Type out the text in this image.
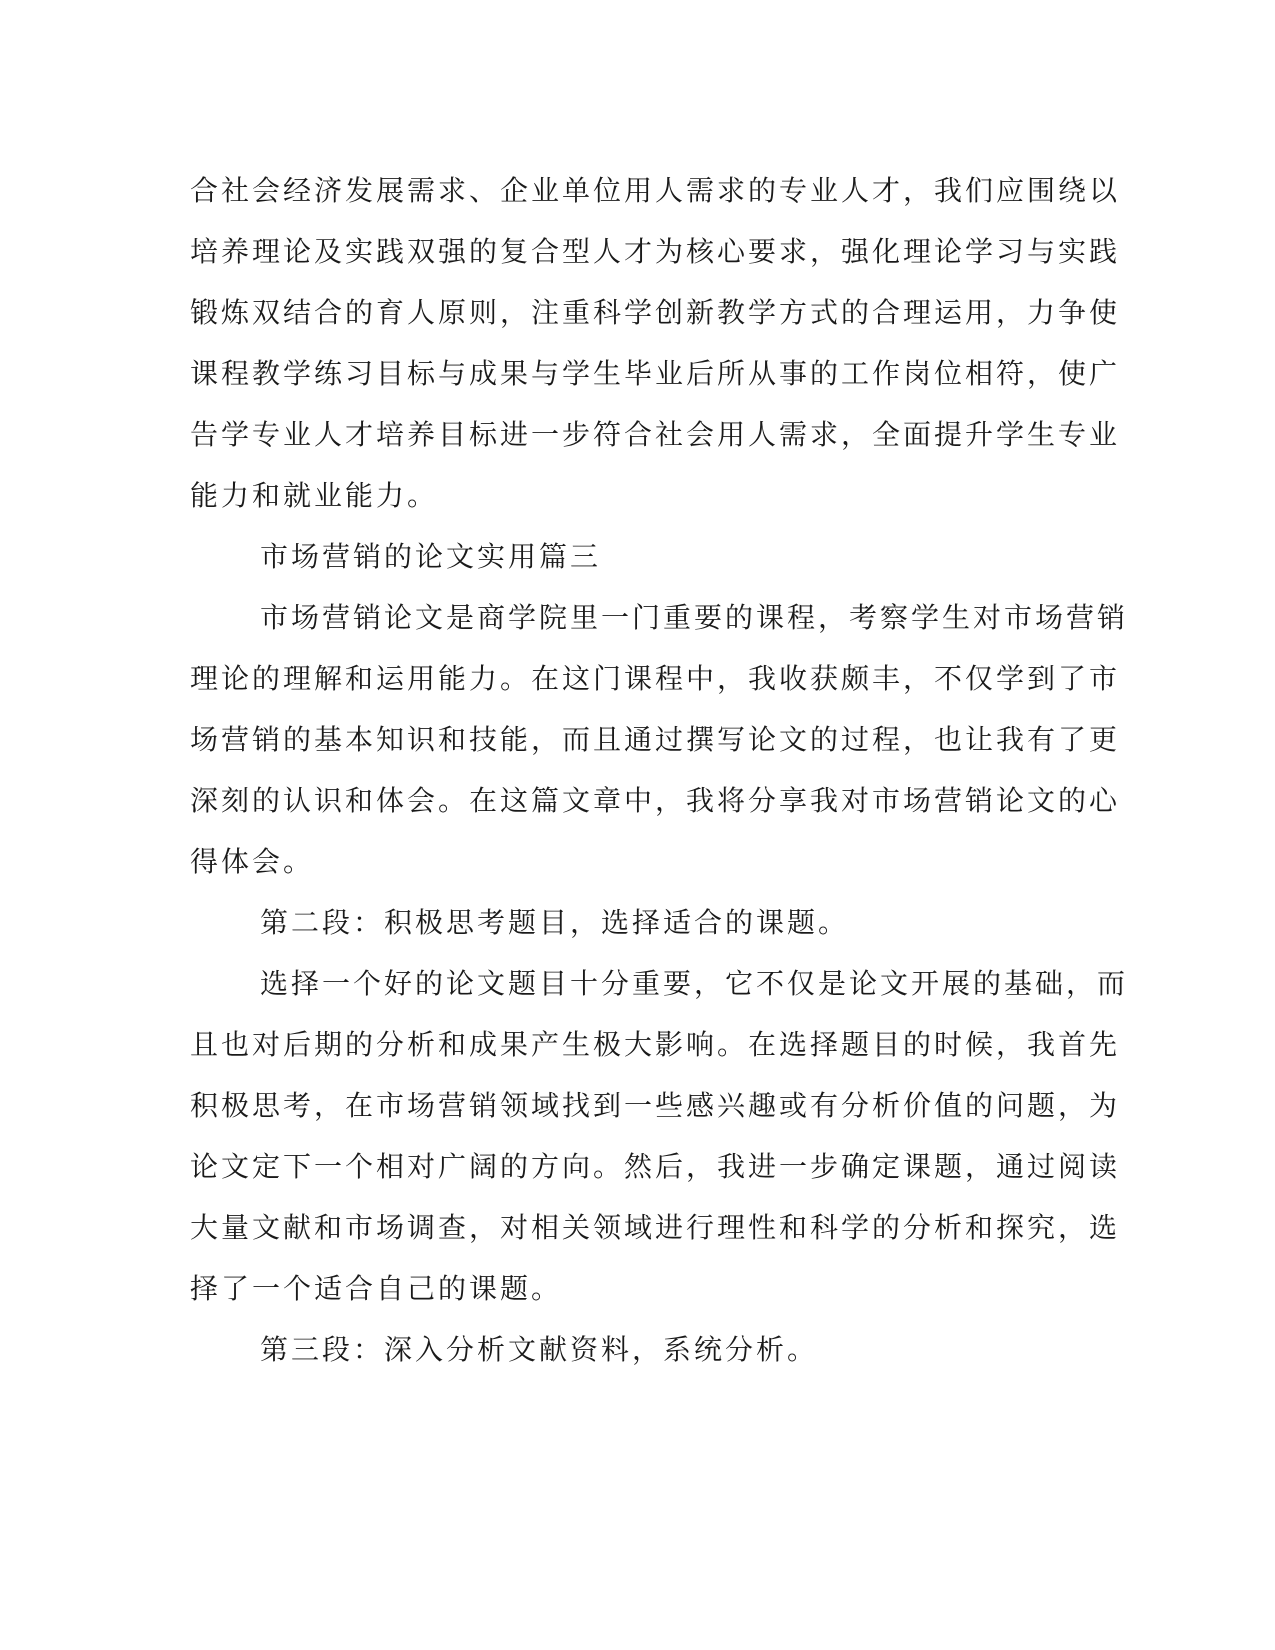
合社会经济发展需求、企业单位用人需求的专业人才，我们应围绕以
培养理论及实践双强的复合型人才为核心要求，强化理论学习与实践
锻炼双结合的育人原则，注重科学创新教学方式的合理运用，力争使
课程教学练习目标与成果与学生毕业后所从事的工作岗位相符，使广
告学专业人才培养目标进一步符合社会用人需求，全面提升学生专业
能力和就业能力。
市场营销的论文实用篇三
市场营销论文是商学院里一门重要的课程，考察学生对市场营销
理论的理解和运用能力。在这门课程中，我收获颇丰，不仅学到了市
场营销的基本知识和技能，而且通过撰写论文的过程，也让我有了更
深刻的认识和体会。在这篇文章中，我将分享我对市场营销论文的心
得体会。
第二段：积极思考题目，选择适合的课题。
选择一个好的论文题目十分重要，它不仅是论文开展的基础，而
且也对后期的分析和成果产生极大影响。在选择题目的时候，我首先
积极思考，在市场营销领域找到一些感兴趣或有分析价值的问题，为
论文定下一个相对广阔的方向。然后，我进一步确定课题，通过阅读
大量文献和市场调查，对相关领域进行理性和科学的分析和探究，选
择了一个适合自己的课题。
第三段：深入分析文献资料，系统分析。
